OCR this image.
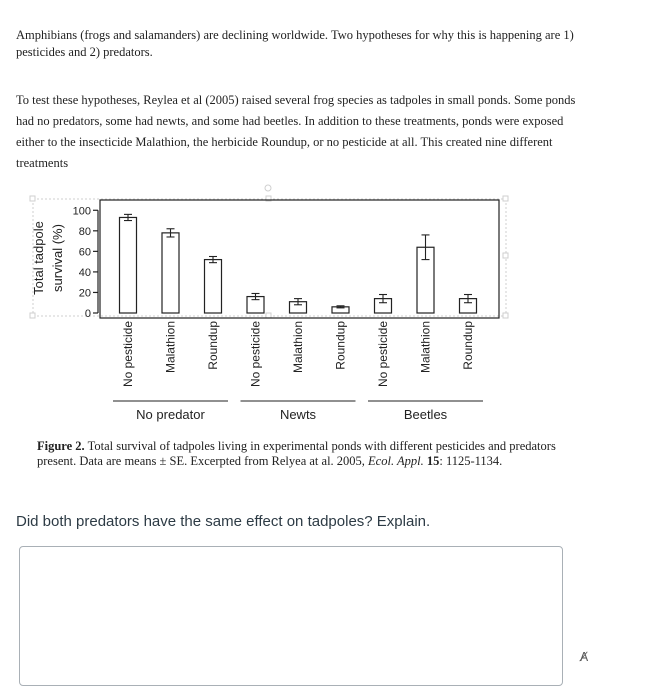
Amphibians (frogs and salamanders) are declining worldwide. Two hypotheses for why this is happening are 1) pesticides and 2) predators.

To test these hypotheses, Reylea et al (2005) raised several frog species as tadpoles in small ponds. Some ponds had no predators, some had newts, and some had beetles. In addition to these treatments, ponds were exposed either to the insecticide Malathion, the herbicide Roundup, or no pesticide at all. This created nine different treatments

Total tadpole survival (%)
0
20
40
60
80
100
No pesticide Malathion Roundup No pesticide Malathion Roundup No pesticide Malathion Roundup
No predator	Newts	Beetles

Figure 2. Total survival of tadpoles living in experimental ponds with different pesticides and predators present. Data are means ± SE. Excerpted from Relyea at al. 2005, Ecol. Appl. 15: 1125-1134.

Did both predators have the same effect on tadpoles? Explain.

A̸
